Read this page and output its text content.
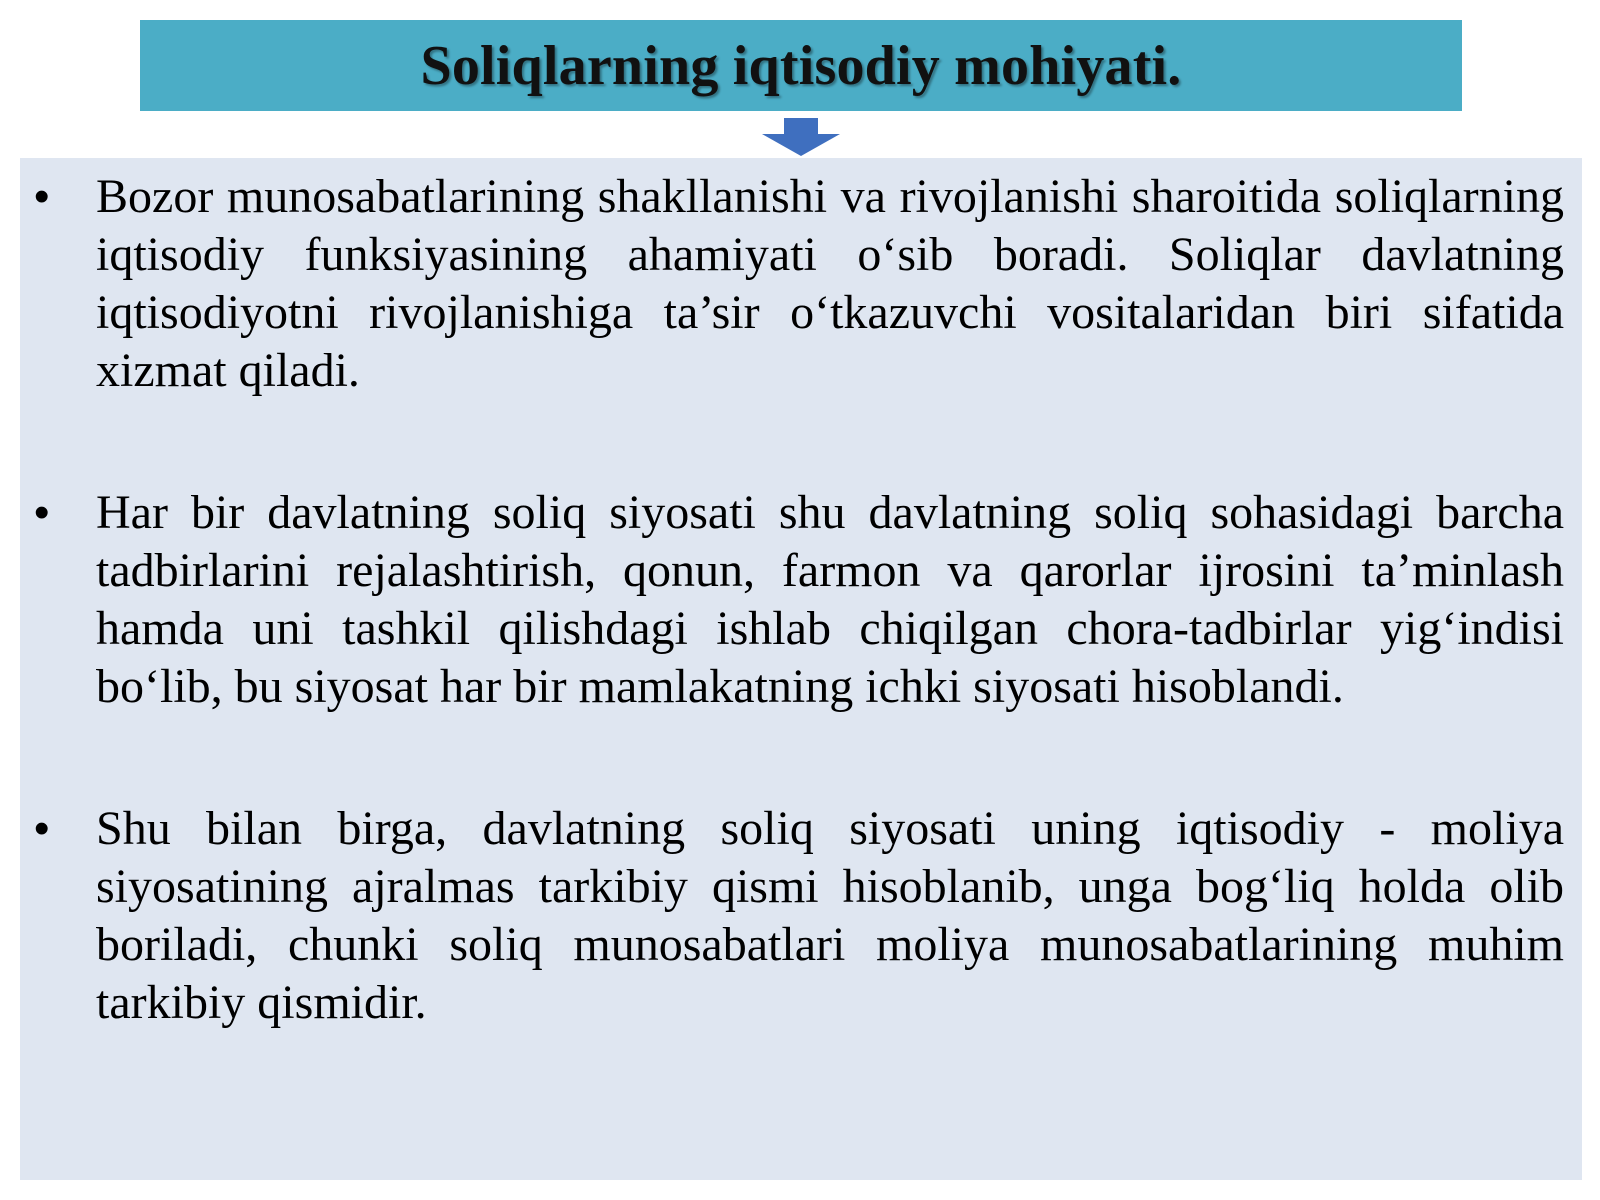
Soliqlarning iqtisodiy mohiyati.
• Bozor munosabatlarining shakllanishi va rivojlanishi sharoitida soliqlarning iqtisodiy funksiyasining ahamiyati o‘sib boradi. Soliqlar davlatning iqtisodiyotni rivojlanishiga ta’sir o‘tkazuvchi vositalaridan biri sifatida xizmat qiladi.
• Har bir davlatning soliq siyosati shu davlatning soliq sohasidagi barcha tadbirlarini rejalashtirish, qonun, farmon va qarorlar ijrosini ta’minlash hamda uni tashkil qilishdagi ishlab chiqilgan chora-tadbirlar yig‘indisi bo‘lib, bu siyosat har bir mamlakatning ichki siyosati hisoblandi.
• Shu bilan birga, davlatning soliq siyosati uning iqtisodiy - moliya siyosatining ajralmas tarkibiy qismi hisoblanib, unga bog‘liq holda olib boriladi, chunki soliq munosabatlari moliya munosabatlarining muhim tarkibiy qismidir.
